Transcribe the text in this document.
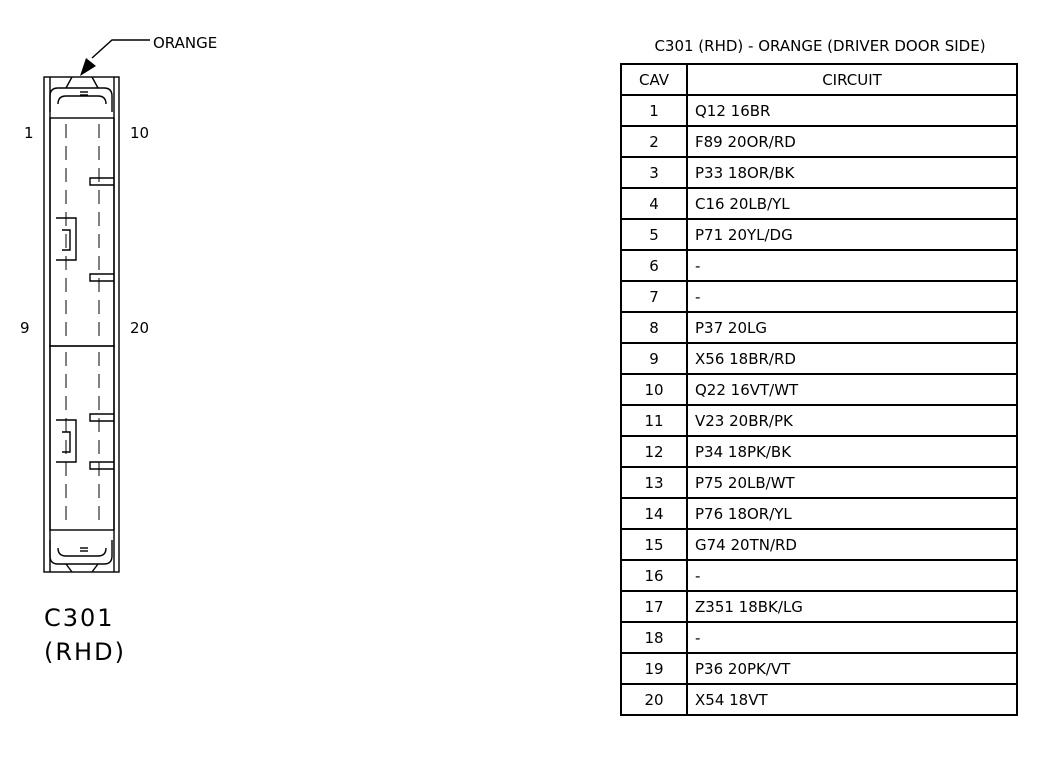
ORANGE
1	10
9	20
C301
(RHD)
C301 (RHD) - ORANGE (DRIVER DOOR SIDE)
CAV	CIRCUIT
1	Q12 16BR
2	F89 20OR/RD
3	P33 18OR/BK
4	C16 20LB/YL
5	P71 20YL/DG
6	-
7	-
8	P37 20LG
9	X56 18BR/RD
10	Q22 16VT/WT
11	V23 20BR/PK
12	P34 18PK/BK
13	P75 20LB/WT
14	P76 18OR/YL
15	G74 20TN/RD
16	-
17	Z351 18BK/LG
18	-
19	P36 20PK/VT
20	X54 18VT
